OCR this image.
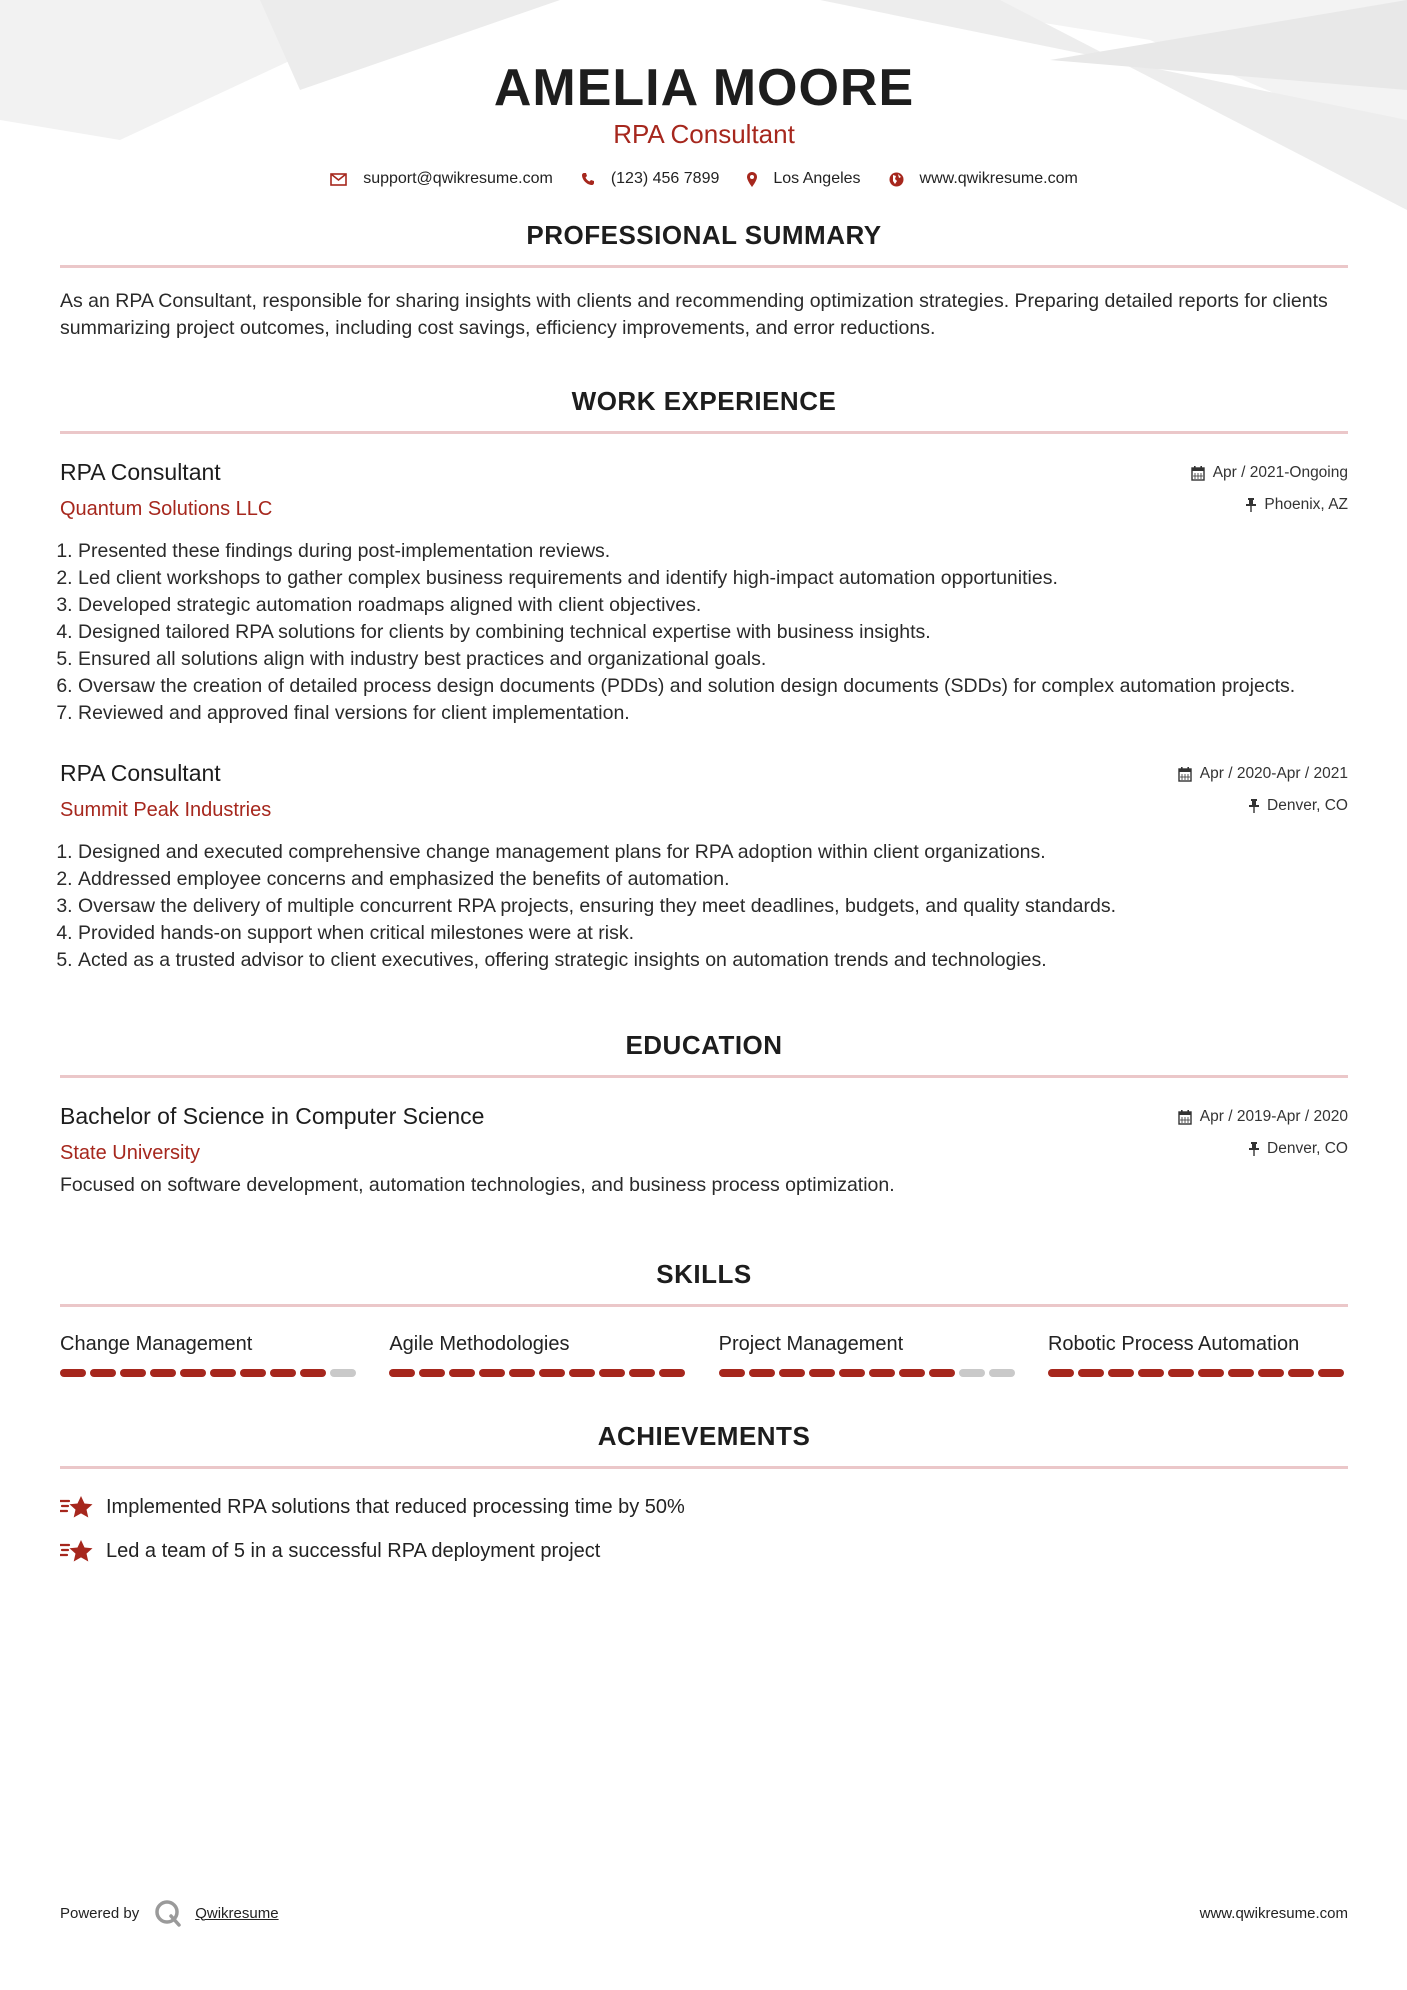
AMELIA MOORE
RPA Consultant
support@qwikresume.com	(123) 456 7899	Los Angeles	www.qwikresume.com
PROFESSIONAL SUMMARY
As an RPA Consultant, responsible for sharing insights with clients and recommending optimization strategies. Preparing detailed reports for clients summarizing project outcomes, including cost savings, efficiency improvements, and error reductions.
WORK EXPERIENCE
RPA Consultant
Quantum Solutions LLC
Apr / 2021-Ongoing
Phoenix, AZ
1. Presented these findings during post-implementation reviews.
2. Led client workshops to gather complex business requirements and identify high-impact automation opportunities.
3. Developed strategic automation roadmaps aligned with client objectives.
4. Designed tailored RPA solutions for clients by combining technical expertise with business insights.
5. Ensured all solutions align with industry best practices and organizational goals.
6. Oversaw the creation of detailed process design documents (PDDs) and solution design documents (SDDs) for complex automation projects.
7. Reviewed and approved final versions for client implementation.
RPA Consultant
Summit Peak Industries
Apr / 2020-Apr / 2021
Denver, CO
1. Designed and executed comprehensive change management plans for RPA adoption within client organizations.
2. Addressed employee concerns and emphasized the benefits of automation.
3. Oversaw the delivery of multiple concurrent RPA projects, ensuring they meet deadlines, budgets, and quality standards.
4. Provided hands-on support when critical milestones were at risk.
5. Acted as a trusted advisor to client executives, offering strategic insights on automation trends and technologies.
EDUCATION
Bachelor of Science in Computer Science
State University
Apr / 2019-Apr / 2020
Denver, CO
Focused on software development, automation technologies, and business process optimization.
SKILLS
Change Management	Agile Methodologies	Project Management	Robotic Process Automation
ACHIEVEMENTS
Implemented RPA solutions that reduced processing time by 50%
Led a team of 5 in a successful RPA deployment project
Powered by	Qwikresume	www.qwikresume.com
